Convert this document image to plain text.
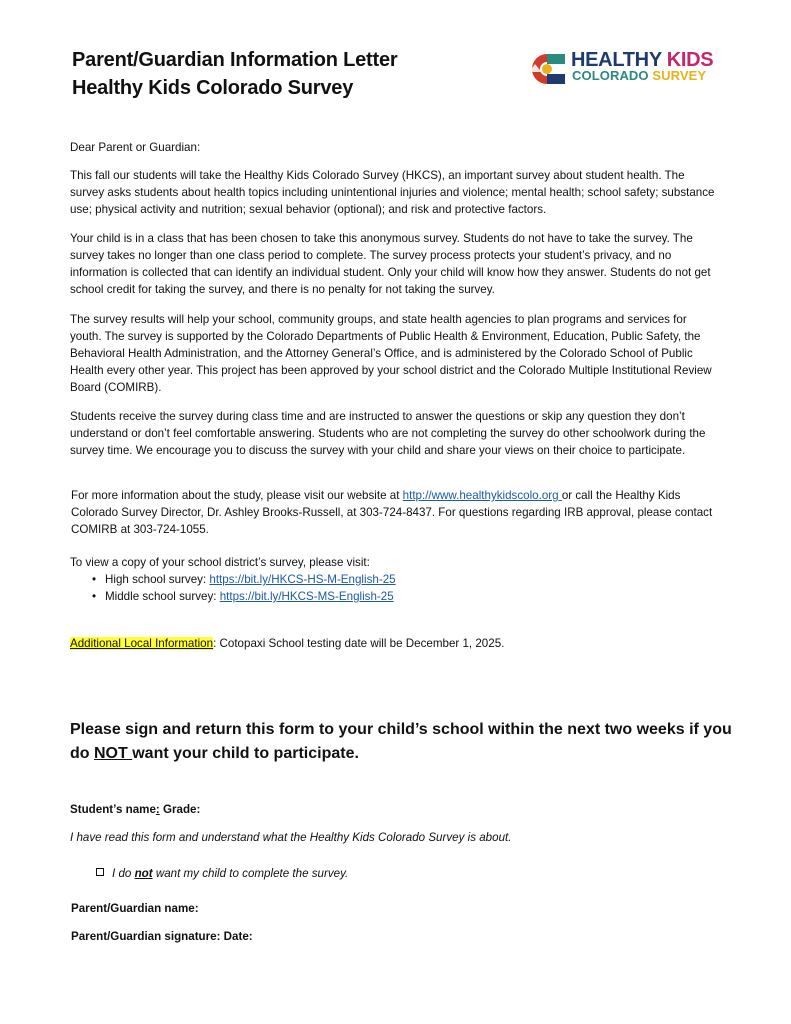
Parent/Guardian Information Letter
Healthy Kids Colorado Survey
HEALTHY KIDS
COLORADO SURVEY
Dear Parent or Guardian:
This fall our students will take the Healthy Kids Colorado Survey (HKCS), an important survey about student health. The survey asks students about health topics including unintentional injuries and violence; mental health; school safety; substance use; physical activity and nutrition; sexual behavior (optional); and risk and protective factors.
Your child is in a class that has been chosen to take this anonymous survey. Students do not have to take the survey. The survey takes no longer than one class period to complete. The survey process protects your student’s privacy, and no information is collected that can identify an individual student. Only your child will know how they answer. Students do not get school credit for taking the survey, and there is no penalty for not taking the survey.
The survey results will help your school, community groups, and state health agencies to plan programs and services for youth. The survey is supported by the Colorado Departments of Public Health & Environment, Education, Public Safety, the Behavioral Health Administration, and the Attorney General’s Office, and is administered by the Colorado School of Public Health every other year. This project has been approved by your school district and the Colorado Multiple Institutional Review Board (COMIRB).
Students receive the survey during class time and are instructed to answer the questions or skip any question they don’t understand or don’t feel comfortable answering. Students who are not completing the survey do other schoolwork during the survey time. We encourage you to discuss the survey with your child and share your views on their choice to participate.
For more information about the study, please visit our website at http://www.healthykidscolo.org or call the Healthy Kids Colorado Survey Director, Dr. Ashley Brooks-Russell, at 303-724-8437. For questions regarding IRB approval, please contact COMIRB at 303-724-1055.
To view a copy of your school district’s survey, please visit:
• High school survey: https://bit.ly/HKCS-HS-M-English-25
• Middle school survey: https://bit.ly/HKCS-MS-English-25
Additional Local Information: Cotopaxi School testing date will be December 1, 2025.
Please sign and return this form to your child’s school within the next two weeks if you do NOT want your child to participate.
Student’s name: Grade:
I have read this form and understand what the Healthy Kids Colorado Survey is about.
I do not want my child to complete the survey.
Parent/Guardian name:
Parent/Guardian signature: Date:
